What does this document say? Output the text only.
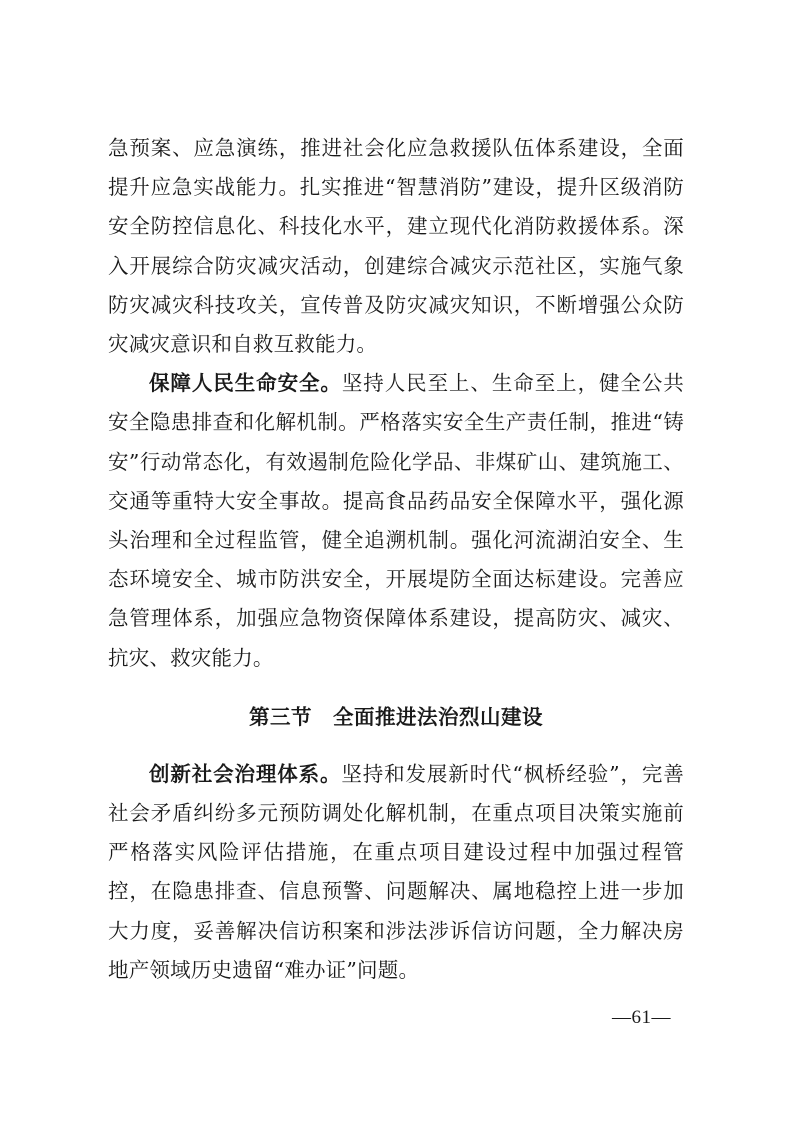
急预案、应急演练，推进社会化应急救援队伍体系建设，全面提升应急实战能力。扎实推进“智慧消防”建设，提升区级消防安全防控信息化、科技化水平，建立现代化消防救援体系。深入开展综合防灾减灾活动，创建综合减灾示范社区，实施气象防灾减灾科技攻关，宣传普及防灾减灾知识，不断增强公众防灾减灾意识和自救互救能力。

保障人民生命安全。坚持人民至上、生命至上，健全公共安全隐患排查和化解机制。严格落实安全生产责任制，推进“铸安”行动常态化，有效遏制危险化学品、非煤矿山、建筑施工、交通等重特大安全事故。提高食品药品安全保障水平，强化源头治理和全过程监管，健全追溯机制。强化河流湖泊安全、生态环境安全、城市防洪安全，开展堤防全面达标建设。完善应急管理体系，加强应急物资保障体系建设，提高防灾、减灾、抗灾、救灾能力。

第三节　全面推进法治烈山建设

创新社会治理体系。坚持和发展新时代“枫桥经验”，完善社会矛盾纠纷多元预防调处化解机制，在重点项目决策实施前严格落实风险评估措施，在重点项目建设过程中加强过程管控，在隐患排查、信息预警、问题解决、属地稳控上进一步加大力度，妥善解决信访积案和涉法涉诉信访问题，全力解决房地产领域历史遗留“难办证”问题。

—61—
